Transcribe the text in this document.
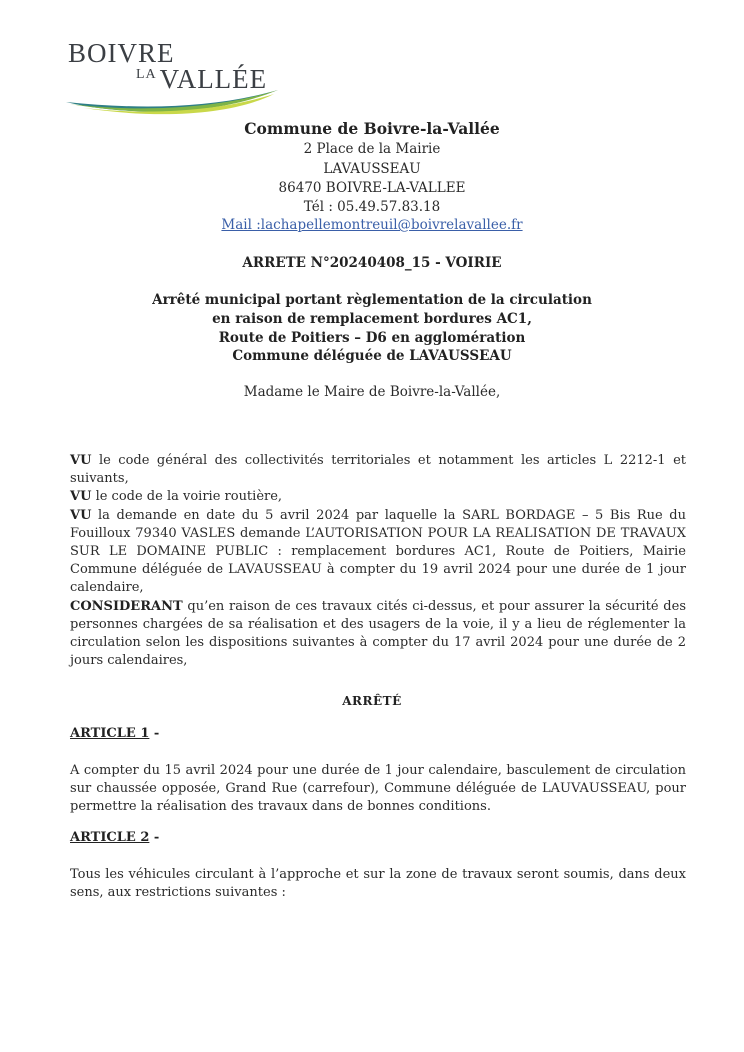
BOIVRE
$^{LA}$ VALLÉE
Commune de Boivre-la-Vallée
2 Place de la Mairie
LAVAUSSEAU
86470 BOIVRE-LA-VALLEE
Tél : 05.49.57.83.18
Mail :lachapellemontreuil@boivrelavallee.fr
ARRETE N°20240408_15 - VOIRIE
Arrêté municipal portant règlementation de la circulation
en raison de remplacement bordures AC1,
Route de Poitiers – D6 en agglomération
Commune déléguée de LAVAUSSEAU
Madame le Maire de Boivre-la-Vallée,

VU le code général des collectivités territoriales et notamment les articles L 2212-1 et suivants,

VU le code de la voirie routière,

VU la demande en date du 5 avril 2024 par laquelle la SARL BORDAGE – 5 Bis Rue du Fouilloux 79340 VASLES demande L’AUTORISATION POUR LA REALISATION DE TRAVAUX SUR LE DOMAINE PUBLIC : remplacement bordures AC1, Route de Poitiers, Mairie Commune déléguée de LAVAUSSEAU à compter du 19 avril 2024 pour une durée de 1 jour calendaire,

CONSIDERANT qu’en raison de ces travaux cités ci-dessus, et pour assurer la sécurité des personnes chargées de sa réalisation et des usagers de la voie, il y a lieu de réglementer la circulation selon les dispositions suivantes à compter du 17 avril 2024 pour une durée de 2 jours calendaires,

ARRÊTÉ
ARTICLE 1 -
A compter du 15 avril 2024 pour une durée de 1 jour calendaire, basculement de circulation sur chaussée opposée, Grand Rue (carrefour), Commune déléguée de LAUVAUSSEAU, pour permettre la réalisation des travaux dans de bonnes conditions.
ARTICLE 2 -
Tous les véhicules circulant à l’approche et sur la zone de travaux seront soumis, dans deux sens, aux restrictions suivantes :
